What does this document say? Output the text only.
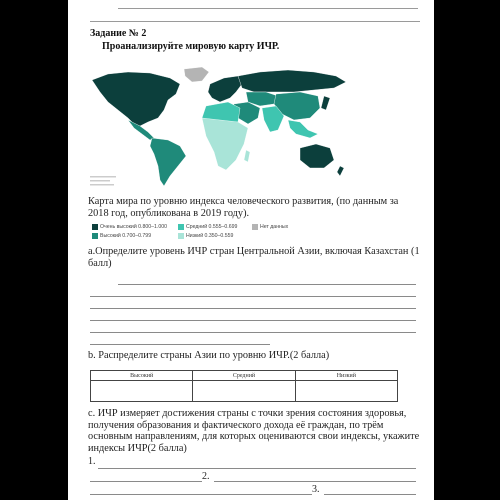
Задание № 2
Проанализируйте мировую карту ИЧР.
Карта мира по уровню индекса человеческого развития, (по данным за 2018 год, опубликована в 2019 году).
Очень высокий 0.800–1.000	Средний 0.555–0.699	Нет данных
Высокий 0.700–0.799	Низкий 0.350–0.559
a.Определите уровень ИЧР стран Центральной Азии, включая Казахстан (1 балл)
b. Распределите страны Азии по уровню ИЧР.(2 балла)
Высокий	Средний	Низкий

c. ИЧР измеряет достижения страны с точки зрения состояния здоровья, получения образования и фактического дохода её граждан, по трём основным направлениям, для которых оцениваются свои индексы, укажите индексы ИЧР(2 балла)
1.
2.
3.
